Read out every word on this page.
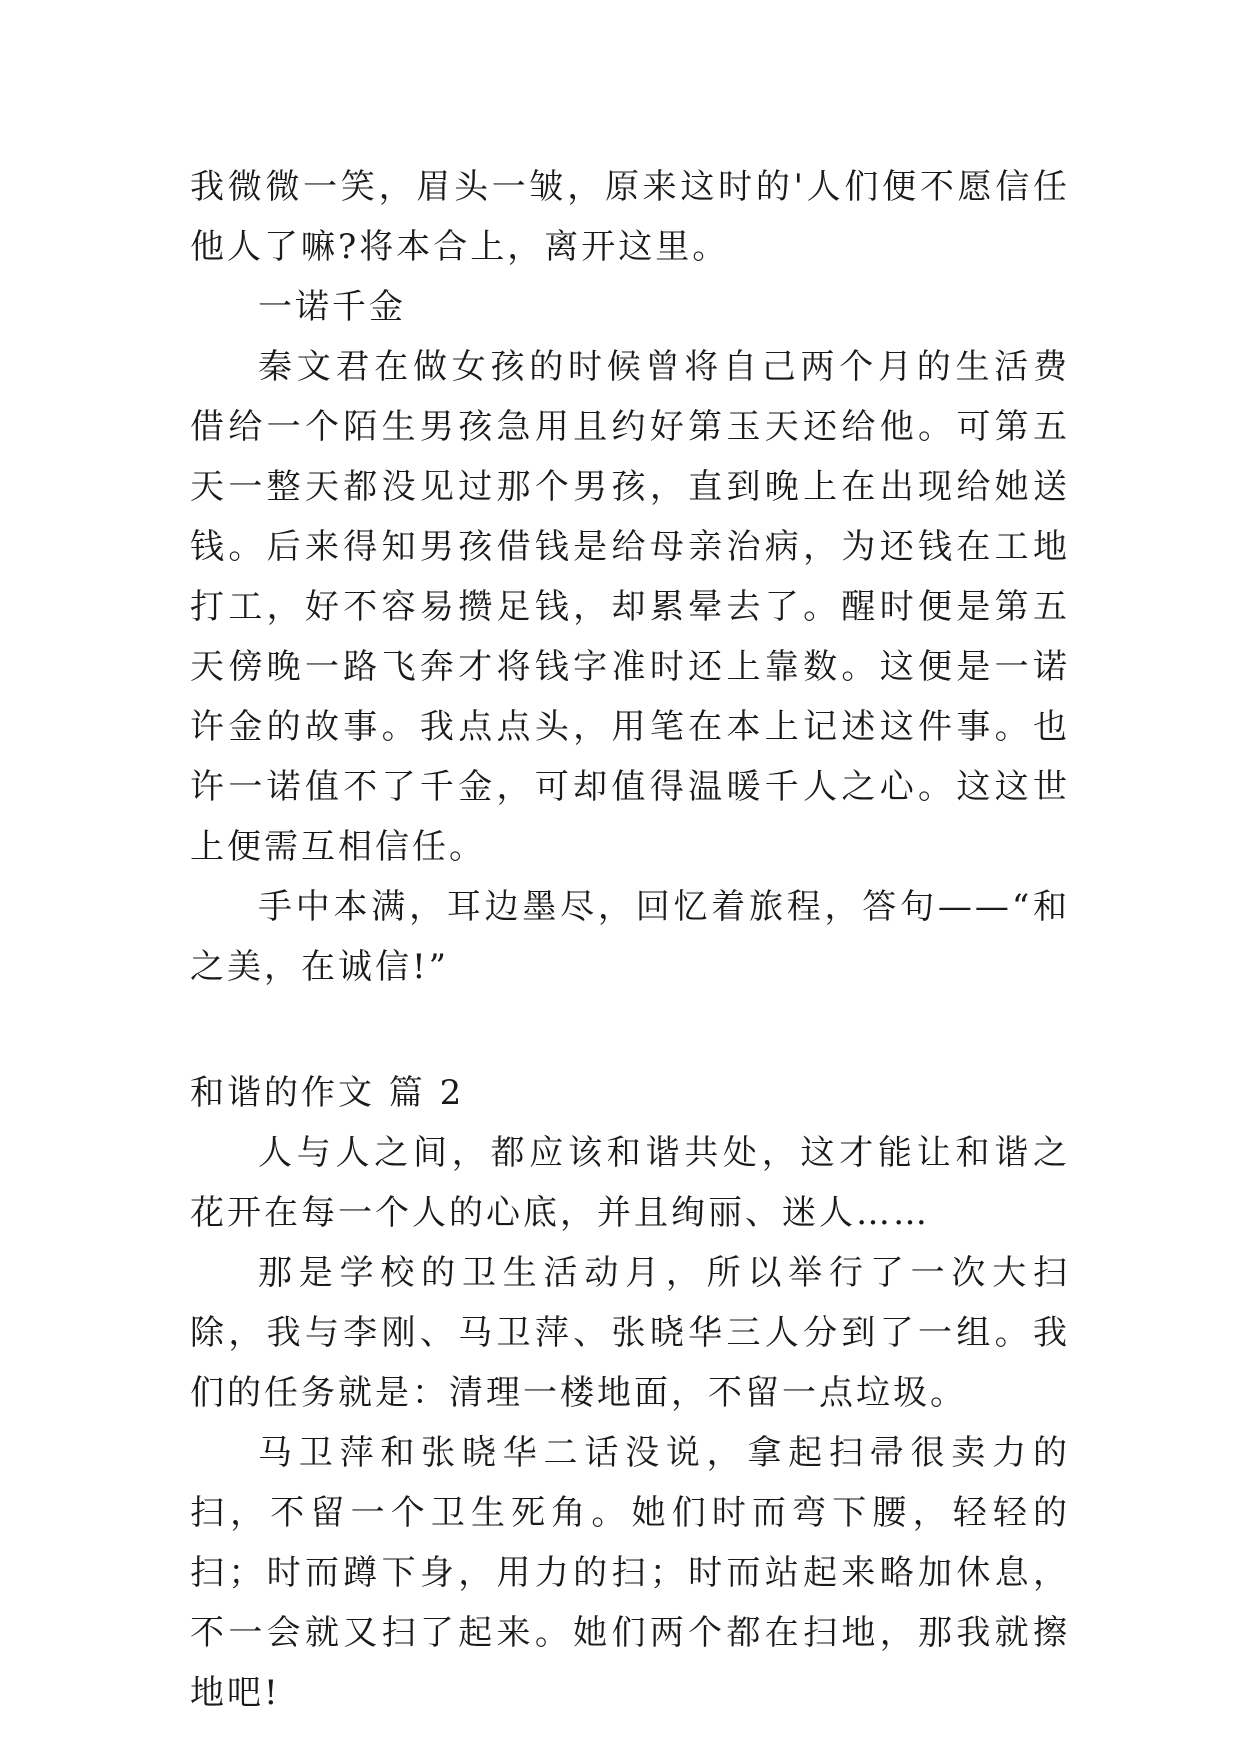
我微微一笑，眉头一皱，原来这时的'人们便不愿信任他人了嘛?将本合上，离开这里。

一诺千金

秦文君在做女孩的时候曾将自己两个月的生活费借给一个陌生男孩急用且约好第玉天还给他。可第五天一整天都没见过那个男孩，直到晚上在出现给她送钱。后来得知男孩借钱是给母亲治病，为还钱在工地打工，好不容易攒足钱，却累晕去了。醒时便是第五天傍晚一路飞奔才将钱字准时还上靠数。这便是一诺许金的故事。我点点头，用笔在本上记述这件事。也许一诺值不了千金，可却值得温暖千人之心。这这世上便需互相信任。

手中本满，耳边墨尽，回忆着旅程，答句——“和之美，在诚信!”

和谐的作文 篇 2

人与人之间，都应该和谐共处，这才能让和谐之花开在每一个人的心底，并且绚丽、迷人……

那是学校的卫生活动月，所以举行了一次大扫除，我与李刚、马卫萍、张晓华三人分到了一组。我们的任务就是：清理一楼地面，不留一点垃圾。

马卫萍和张晓华二话没说，拿起扫帚很卖力的扫，不留一个卫生死角。她们时而弯下腰，轻轻的扫；时而蹲下身，用力的扫；时而站起来略加休息，不一会就又扫了起来。她们两个都在扫地，那我就擦地吧!
